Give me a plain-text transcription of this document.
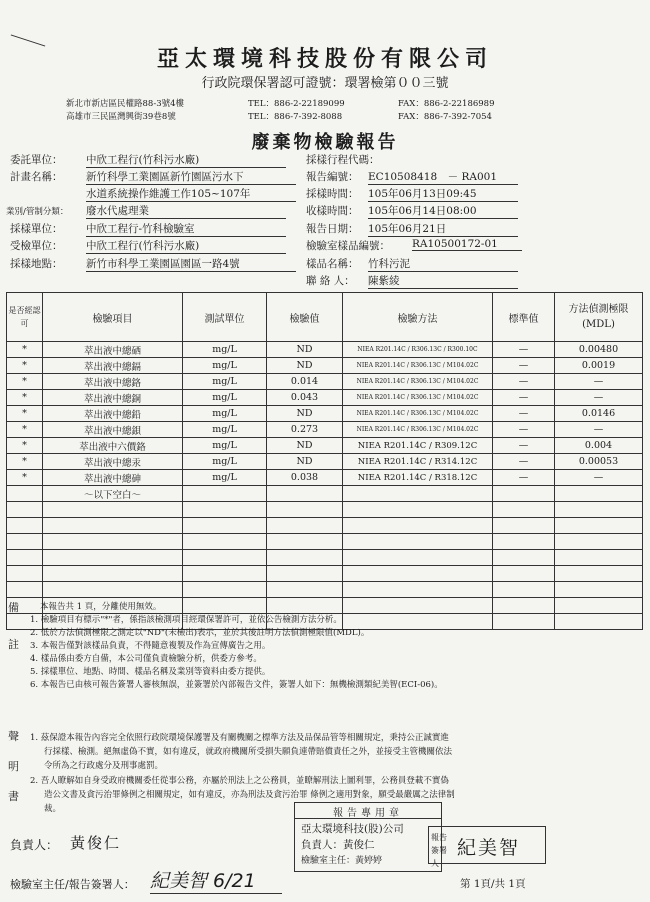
亞太環境科技股份有限公司
行政院環保署認可證號：環署檢第００三號
新北市新店區民權路88-3號4樓	TEL：886-2-22189099	FAX：886-2-22186989
高雄市三民區灣興街39巷8號	TEL：886-7-392-8088	FAX：886-7-392-7054
廢棄物檢驗報告
委託單位： 中欣工程行(竹科污水廠)
計畫名稱： 新竹科學工業園區新竹園區污水下
水道系統操作維護工作105~107年
業別/管制分類： 廢水代處理業
採樣單位： 中欣工程行-竹科檢驗室
受檢單位： 中欣工程行(竹科污水廠)
採樣地點： 新竹市科學工業園區園區一路4號
採樣行程代碼：
報告編號： EC10508418　－ RA001
採樣時間： 105年06月13日09:45
收樣時間： 105年06月14日08:00
報告日期： 105年06月21日
檢驗室樣品編號： RA10500172-01
樣品名稱： 竹科污泥
聯 絡 人： 陳紫綾
是否經認可	檢驗項目	測試單位	檢驗值	檢驗方法	標準值	方法偵測極限(MDL)
*	萃出液中總硒	mg/L	ND	NIEA R201.14C / R306.13C / R300.10C	—	0.00480
*	萃出液中總鎘	mg/L	ND	NIEA R201.14C / R306.13C / M104.02C	—	0.0019
*	萃出液中總鉻	mg/L	0.014	NIEA R201.14C / R306.13C / M104.02C	—	—
*	萃出液中總銅	mg/L	0.043	NIEA R201.14C / R306.13C / M104.02C	—	—
*	萃出液中總鉛	mg/L	ND	NIEA R201.14C / R306.13C / M104.02C	—	0.0146
*	萃出液中總鋇	mg/L	0.273	NIEA R201.14C / R306.13C / M104.02C	—	—
*	萃出液中六價鉻	mg/L	ND	NIEA R201.14C / R309.12C	—	0.004
*	萃出液中總汞	mg/L	ND	NIEA R201.14C / R314.12C	—	0.00053
*	萃出液中總砷	mg/L	0.038	NIEA R201.14C / R318.12C	—	—
	～以下空白～					

備
註
本報告共 1 頁，分離使用無效。
1. 檢驗項目有標示"*"者，係指該檢測項目經環保署許可，並依公告檢測方法分析。
2. 低於方法偵測極限之測定以"ND"(未檢出)表示，並於其後註明方法偵測極限值(MDL)。
3. 本報告僅對該樣品負責，不得隨意複製及作為宣傳廣告之用。
4. 樣品係由委方自備，本公司僅負責檢驗分析，供委方參考。
5. 採樣單位、地點、時間、樣品名稱及業別等資料由委方提供。
6. 本報告已由核可報告簽署人審核無誤，並簽署於內部報告文件，簽署人如下：無機檢測類紀美智(ECI-06)。
聲
明
書
1. 茲保證本報告內容完全依照行政院環境保護署及有關機關之標準方法及品保品管等相關規定，秉持公正誠實進
行採樣、檢測。絕無虛偽不實，如有違反，就政府機關所受損失願負連帶賠償責任之外，並接受主管機關依法
令所為之行政處分及刑事處罰。
2. 吾人瞭解如自身受政府機關委任從事公務，亦屬於刑法上之公務員，並瞭解刑法上圖利罪，公務員登載不實偽
造公文書及貪污治罪條例之相關規定，如有違反，亦為刑法及貪污治罪 條例之適用對象，願受最嚴厲之法律制
裁。	報告專用章
亞太環境科技(股)公司
負責人：黃俊仁
檢驗室主任：黃婷婷
報告簽署人
紀美智
負責人： 黃俊仁
檢驗室主任/報告簽署人： 紀美智 6/21	第 1頁/共 1頁
